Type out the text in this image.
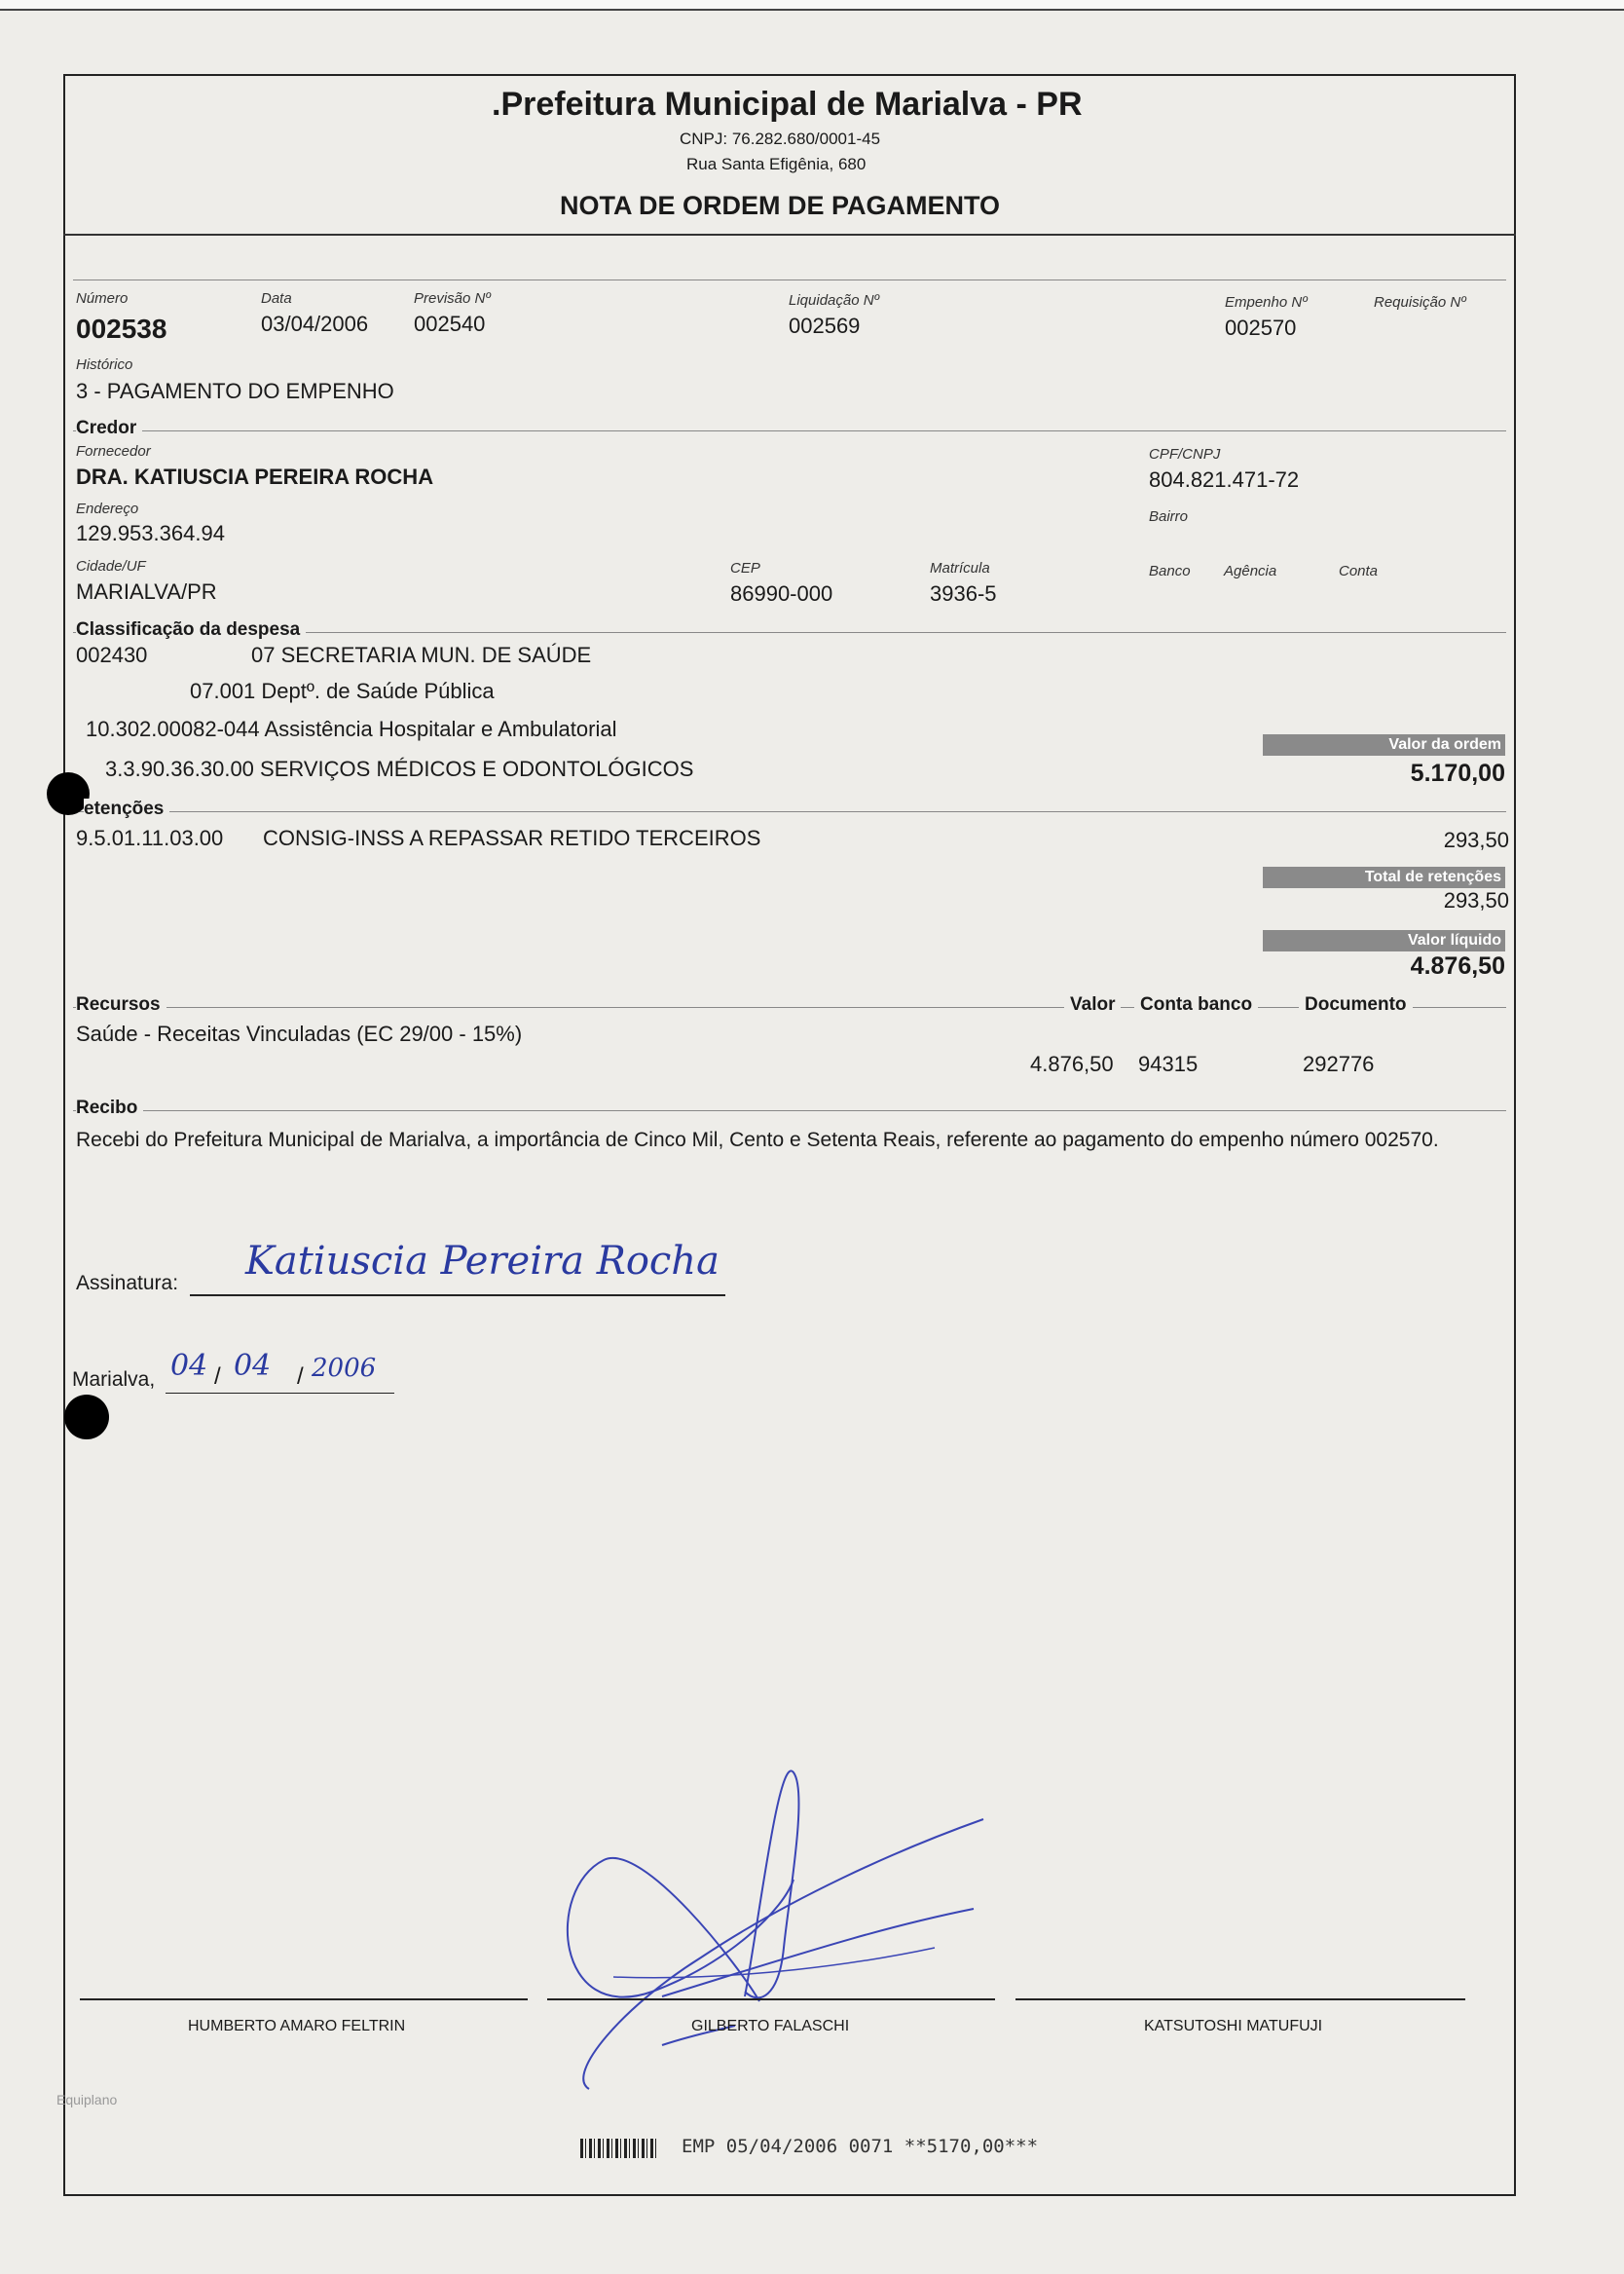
.Prefeitura Municipal de Marialva - PR
CNPJ: 76.282.680/0001-45
Rua Santa Efigênia, 680
NOTA DE ORDEM DE PAGAMENTO
Número
002538
Data
03/04/2006
Previsão Nº
002540
Liquidação Nº
002569
Empenho Nº
002570
Requisição Nº
Histórico
3 - PAGAMENTO DO EMPENHO
Credor
Fornecedor
DRA. KATIUSCIA PEREIRA ROCHA
CPF/CNPJ
804.821.471-72
Endereço
129.953.364.94
Bairro
Cidade/UF
MARIALVA/PR
CEP
86990-000
Matrícula
3936-5
Banco Agência	Conta
Classificação da despesa
002430	07 SECRETARIA MUN. DE SAÚDE
07.001 Deptº. de Saúde Pública
10.302.00082-044 Assistência Hospitalar e Ambulatorial
3.3.90.36.30.00 SERVIÇOS MÉDICOS E ODONTOLÓGICOS
Valor da ordem
5.170,00
etenções
9.5.01.11.03.00 CONSIG-INSS A REPASSAR RETIDO TERCEIROS	293,50
Total de retenções
293,50
Valor líquido
4.876,50
Recursos	Valor	Conta banco	Documento
Saúde - Receitas Vinculadas (EC 29/00 - 15%)
4.876,50 94315	292776
Recibo
Recebi do Prefeitura Municipal de Marialva, a importância de Cinco Mil, Cento e Setenta Reais, referente ao pagamento do empenho número 002570.
Assinatura: Katiuscia Pereira Rocha
Marialva, 04 / 04 / 2006
HUMBERTO AMARO FELTRIN	GILBERTO FALASCHI	KATSUTOSHI MATUFUJI
Equiplano
EMP 05/04/2006 0071 **5170,00***
